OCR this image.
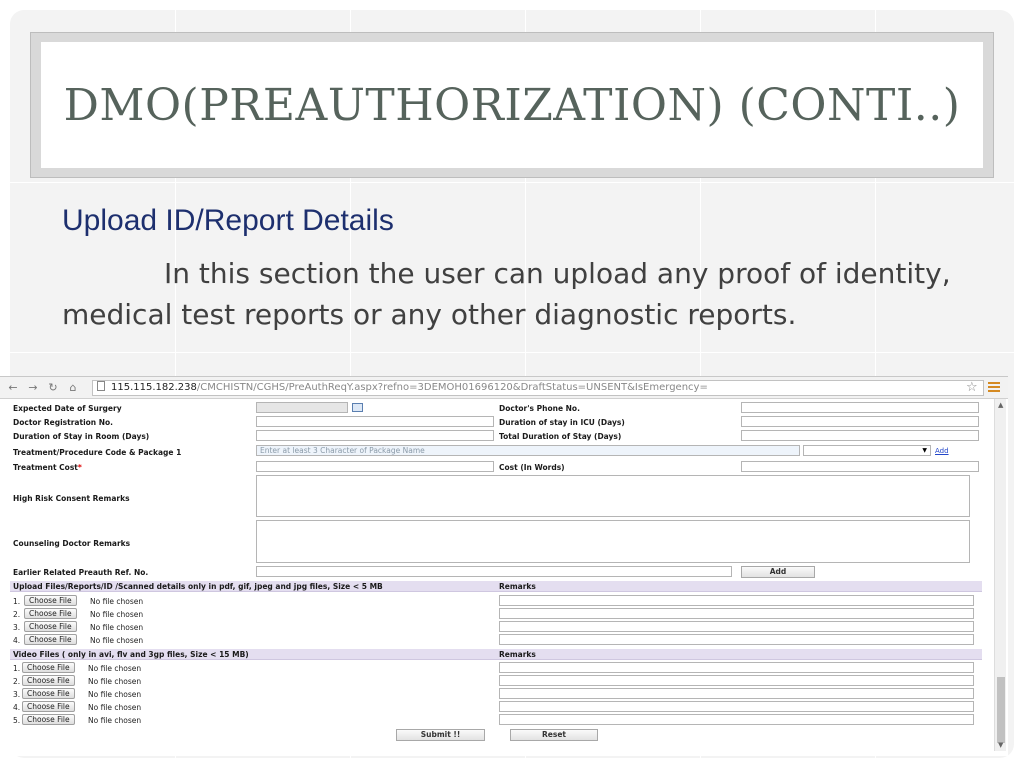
DMO(PREAUTHORIZATION) (CONTI..)
Upload ID/Report Details
In this section the user can upload any proof of identity, medical test reports or any other diagnostic reports.
← → ↻	⌂	115.115.182.238/CMCHISTN/CGHS/PreAuthReqY.aspx?refno=3DEMOH01696120&DraftStatus=UNSENT&IsEmergency=	☆
▲
▼
Expected Date of Surgery	Doctor's Phone No.
Doctor Registration No.	Duration of stay in ICU (Days)
Duration of Stay in Room (Days)	Total Duration of Stay (Days)
Treatment/Procedure Code & Package 1	Enter at least 3 Character of Package Name	▼	Add
Treatment Cost*	Cost (In Words)
High Risk Consent Remarks
Counseling Doctor Remarks
Earlier Related Preauth Ref. No.	Add
Upload Files/Reports/ID /Scanned details only in pdf, gif, jpeg and jpg files, Size < 5 MB	Remarks
1.	Choose File	No file chosen
2.	Choose File	No file chosen
3.	Choose File	No file chosen
4.	Choose File	No file chosen
Video Files ( only in avi, flv and 3gp files, Size < 15 MB)	Remarks
1. Choose File	No file chosen
2. Choose File	No file chosen
3. Choose File	No file chosen
4. Choose File	No file chosen
5. Choose File	No file chosen
Submit !!	Reset
